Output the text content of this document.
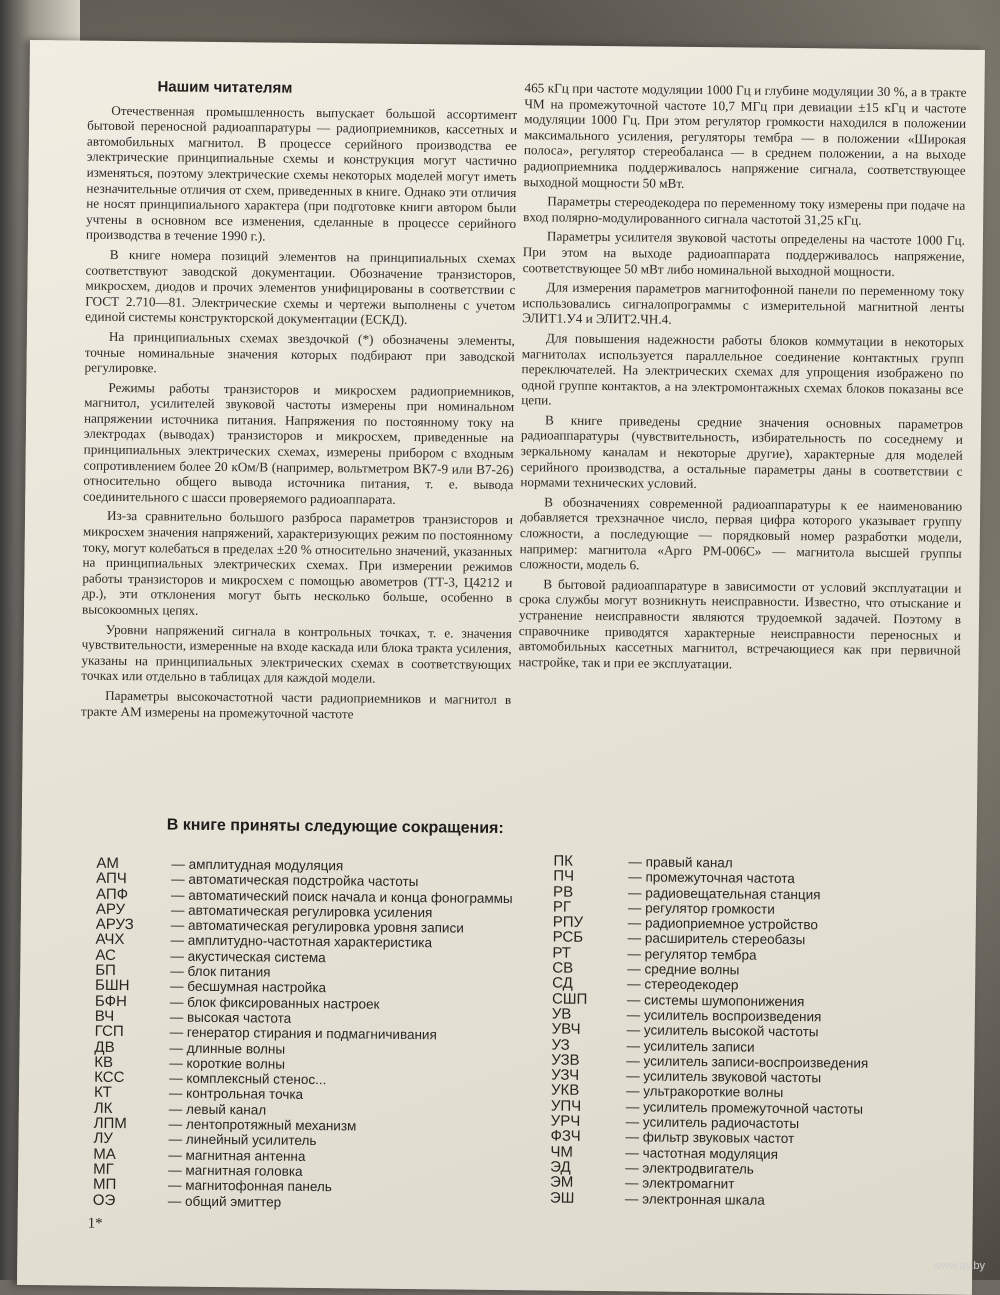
Нашим читателям

Отечественная промышленность выпускает большой ассортимент бытовой переносной радиоаппаратуры — радиоприемников, кассетных и автомобильных магнитол. В процессе серийного производства ее электрические принципиальные схемы и конструкция могут частично изменяться, поэтому электрические схемы некоторых моделей могут иметь незначительные отличия от схем, приведенных в книге. Однако эти отличия не носят принципиального характера (при подготовке книги автором были учтены в основном все изменения, сделанные в процессе серийного производства в течение 1990 г.).

В книге номера позиций элементов на принципиальных схемах соответствуют заводской документации. Обозначение транзисторов, микросхем, диодов и прочих элементов унифицированы в соответствии с ГОСТ 2.710—81. Электрические схемы и чертежи выполнены с учетом единой системы конструкторской документации (ЕСКД).

На принципиальных схемах звездочкой (*) обозначены элементы, точные номинальные значения которых подбирают при заводской регулировке.

Режимы работы транзисторов и микросхем радиоприемников, магнитол, усилителей звуковой частоты измерены при номинальном напряжении источника питания. Напряжения по постоянному току на электродах (выводах) транзисторов и микросхем, приведенные на принципиальных электрических схемах, измерены прибором с входным сопротивлением более 20 кОм/В (например, вольтметром ВК7-9 или В7-26) относительно общего вывода источника питания, т. е. вывода соединительного с шасси проверяемого радиоаппарата.

Из-за сравнительно большого разброса параметров транзисторов и микросхем значения напряжений, характеризующих режим по постоянному току, могут колебаться в пределах ±20 % относительно значений, указанных на принципиальных электрических схемах. При измерении режимов работы транзисторов и микросхем с помощью авометров (ТТ-3, Ц4212 и др.), эти отклонения могут быть несколько больше, особенно в высокоомных цепях.

Уровни напряжений сигнала в контрольных точках, т. е. значения чувствительности, измеренные на входе каскада или блока тракта усиления, указаны на принципиальных электрических схемах в соответствующих точках или отдельно в таблицах для каждой модели.

Параметры высокочастотной части радиоприемников и магнитол в тракте АМ измерены на промежуточной частоте

465 кГц при частоте модуляции 1000 Гц и глубине модуляции 30 %, а в тракте ЧМ на промежуточной частоте 10,7 МГц при девиации ±15 кГц и частоте модуляции 1000 Гц. При этом регулятор громкости находился в положении максимального усиления, регуляторы тембра — в положении «Широкая полоса», регулятор стереобаланса — в среднем положении, а на выходе радиоприемника поддерживалось напряжение сигнала, соответствующее выходной мощности 50 мВт.

Параметры стереодекодера по переменному току измерены при подаче на вход полярно-модулированного сигнала частотой 31,25 кГц.

Параметры усилителя звуковой частоты определены на частоте 1000 Гц. При этом на выходе радиоаппарата поддерживалось напряжение, соответствующее 50 мВт либо номинальной выходной мощности.

Для измерения параметров магнитофонной панели по переменному току использовались сигналопрограммы с измерительной магнитной ленты ЭЛИТ1.У4 и ЭЛИТ2.ЧН.4.

Для повышения надежности работы блоков коммутации в некоторых магнитолах используется параллельное соединение контактных групп переключателей. На электрических схемах для упрощения изображено по одной группе контактов, а на электромонтажных схемах блоков показаны все цепи.

В книге приведены средние значения основных параметров радиоаппаратуры (чувствительность, избирательность по соседнему и зеркальному каналам и некоторые другие), характерные для моделей серийного производства, а остальные параметры даны в соответствии с нормами технических условий.

В обозначениях современной радиоаппаратуры к ее наименованию добавляется трехзначное число, первая цифра которого указывает группу сложности, а последующие — порядковый номер разработки модели, например: магнитола «Арго РМ-006С» — магнитола высшей группы сложности, модель 6.

В бытовой радиоаппаратуре в зависимости от условий эксплуатации и срока службы могут возникнуть неисправности. Известно, что отыскание и устранение неисправности являются трудоемкой задачей. Поэтому в справочнике приводятся характерные неисправности переносных и автомобильных кассетных магнитол, встречающиеся как при первичной настройке, так и при ее эксплуатации.

В книге приняты следующие сокращения:
АМ	— амплитудная модуляция
АПЧ	— автоматическая подстройка частоты
АПФ	— автоматический поиск начала и конца фонограммы
АРУ	— автоматическая регулировка усиления
АРУЗ	— автоматическая регулировка уровня записи
АЧХ	— амплитудно-частотная характеристика
АС	— акустическая система
БП	— блок питания
БШН	— бесшумная настройка
БФН	— блок фиксированных настроек
ВЧ	— высокая частота
ГСП	— генератор стирания и подмагничивания
ДВ	— длинные волны
КВ	— короткие волны
КСС	— комплексный стенос...
КТ	— контрольная точка
ЛК	— левый канал
ЛПМ	— лентопротяжный механизм
ЛУ	— линейный усилитель
МА	— магнитная антенна
МГ	— магнитная головка
МП	— магнитофонная панель
ОЭ	— общий эмиттер
ПК	— правый канал
ПЧ	— промежуточная частота
РВ	— радиовещательная станция
РГ	— регулятор громкости
РПУ	— радиоприемное устройство
РСБ	— расширитель стереобазы
РТ	— регулятор тембра
СВ	— средние волны
СД	— стереодекодер
СШП	— системы шумопонижения
УВ	— усилитель воспроизведения
УВЧ	— усилитель высокой частоты
УЗ	— усилитель записи
УЗВ	— усилитель записи-воспроизведения
УЗЧ	— усилитель звуковой частоты
УКВ	— ультракороткие волны
УПЧ	— усилитель промежуточной частоты
УРЧ	— усилитель радиочастоты
ФЗЧ	— фильтр звуковых частот
ЧМ	— частотная модуляция
ЭД	— электродвигатель
ЭМ	— электромагнит
ЭШ	— электронная шкала
1*
www.ay.by
